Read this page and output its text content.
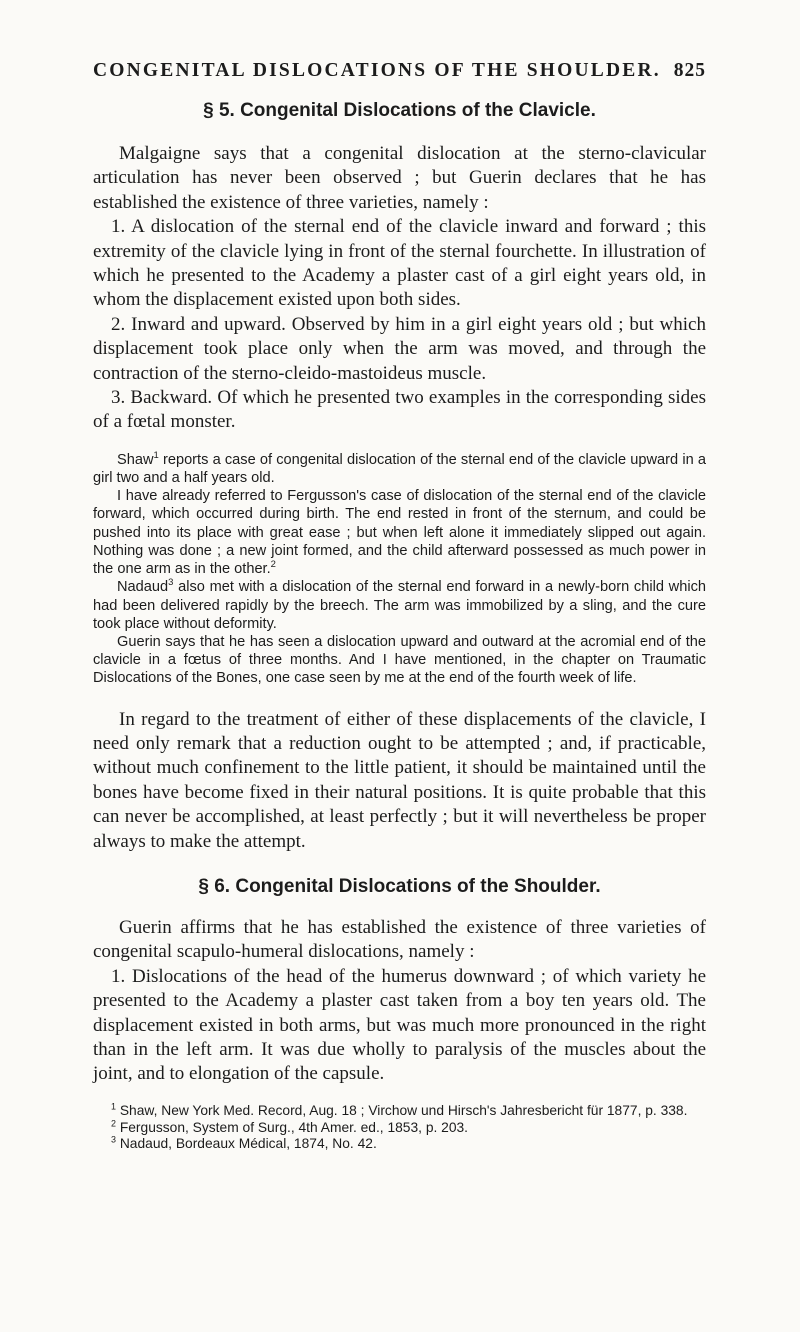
CONGENITAL DISLOCATIONS OF THE SHOULDER. 825
§ 5. Congenital Dislocations of the Clavicle.

Malgaigne says that a congenital dislocation at the sterno-clavicular articulation has never been observed ; but Guerin declares that he has established the existence of three varieties, namely :

1. A dislocation of the sternal end of the clavicle inward and forward ; this extremity of the clavicle lying in front of the sternal fourchette. In illustration of which he presented to the Academy a plaster cast of a girl eight years old, in whom the displacement existed upon both sides.

2. Inward and upward. Observed by him in a girl eight years old ; but which displacement took place only when the arm was moved, and through the contraction of the sterno-cleido-mastoideus muscle.

3. Backward. Of which he presented two examples in the corresponding sides of a fœtal monster.

Shaw$^1$ reports a case of congenital dislocation of the sternal end of the clavicle upward in a girl two and a half years old.

I have already referred to Fergusson's case of dislocation of the sternal end of the clavicle forward, which occurred during birth. The end rested in front of the sternum, and could be pushed into its place with great ease ; but when left alone it immediately slipped out again. Nothing was done ; a new joint formed, and the child afterward possessed as much power in the one arm as in the other.$^2$

Nadaud$^3$ also met with a dislocation of the sternal end forward in a newly-born child which had been delivered rapidly by the breech. The arm was immobilized by a sling, and the cure took place without deformity.

Guerin says that he has seen a dislocation upward and outward at the acromial end of the clavicle in a fœtus of three months. And I have mentioned, in the chapter on Traumatic Dislocations of the Bones, one case seen by me at the end of the fourth week of life.

In regard to the treatment of either of these displacements of the clavicle, I need only remark that a reduction ought to be attempted ; and, if practicable, without much confinement to the little patient, it should be maintained until the bones have become fixed in their natural positions. It is quite probable that this can never be accomplished, at least perfectly ; but it will nevertheless be proper always to make the attempt.

§ 6. Congenital Dislocations of the Shoulder.

Guerin affirms that he has established the existence of three varieties of congenital scapulo-humeral dislocations, namely :

1. Dislocations of the head of the humerus downward ; of which variety he presented to the Academy a plaster cast taken from a boy ten years old. The displacement existed in both arms, but was much more pronounced in the right than in the left arm. It was due wholly to paralysis of the muscles about the joint, and to elongation of the capsule.

$^1$ Shaw, New York Med. Record, Aug. 18 ; Virchow und Hirsch's Jahresbericht für 1877, p. 338.

$^2$ Fergusson, System of Surg., 4th Amer. ed., 1853, p. 203.

$^3$ Nadaud, Bordeaux Médical, 1874, No. 42.
